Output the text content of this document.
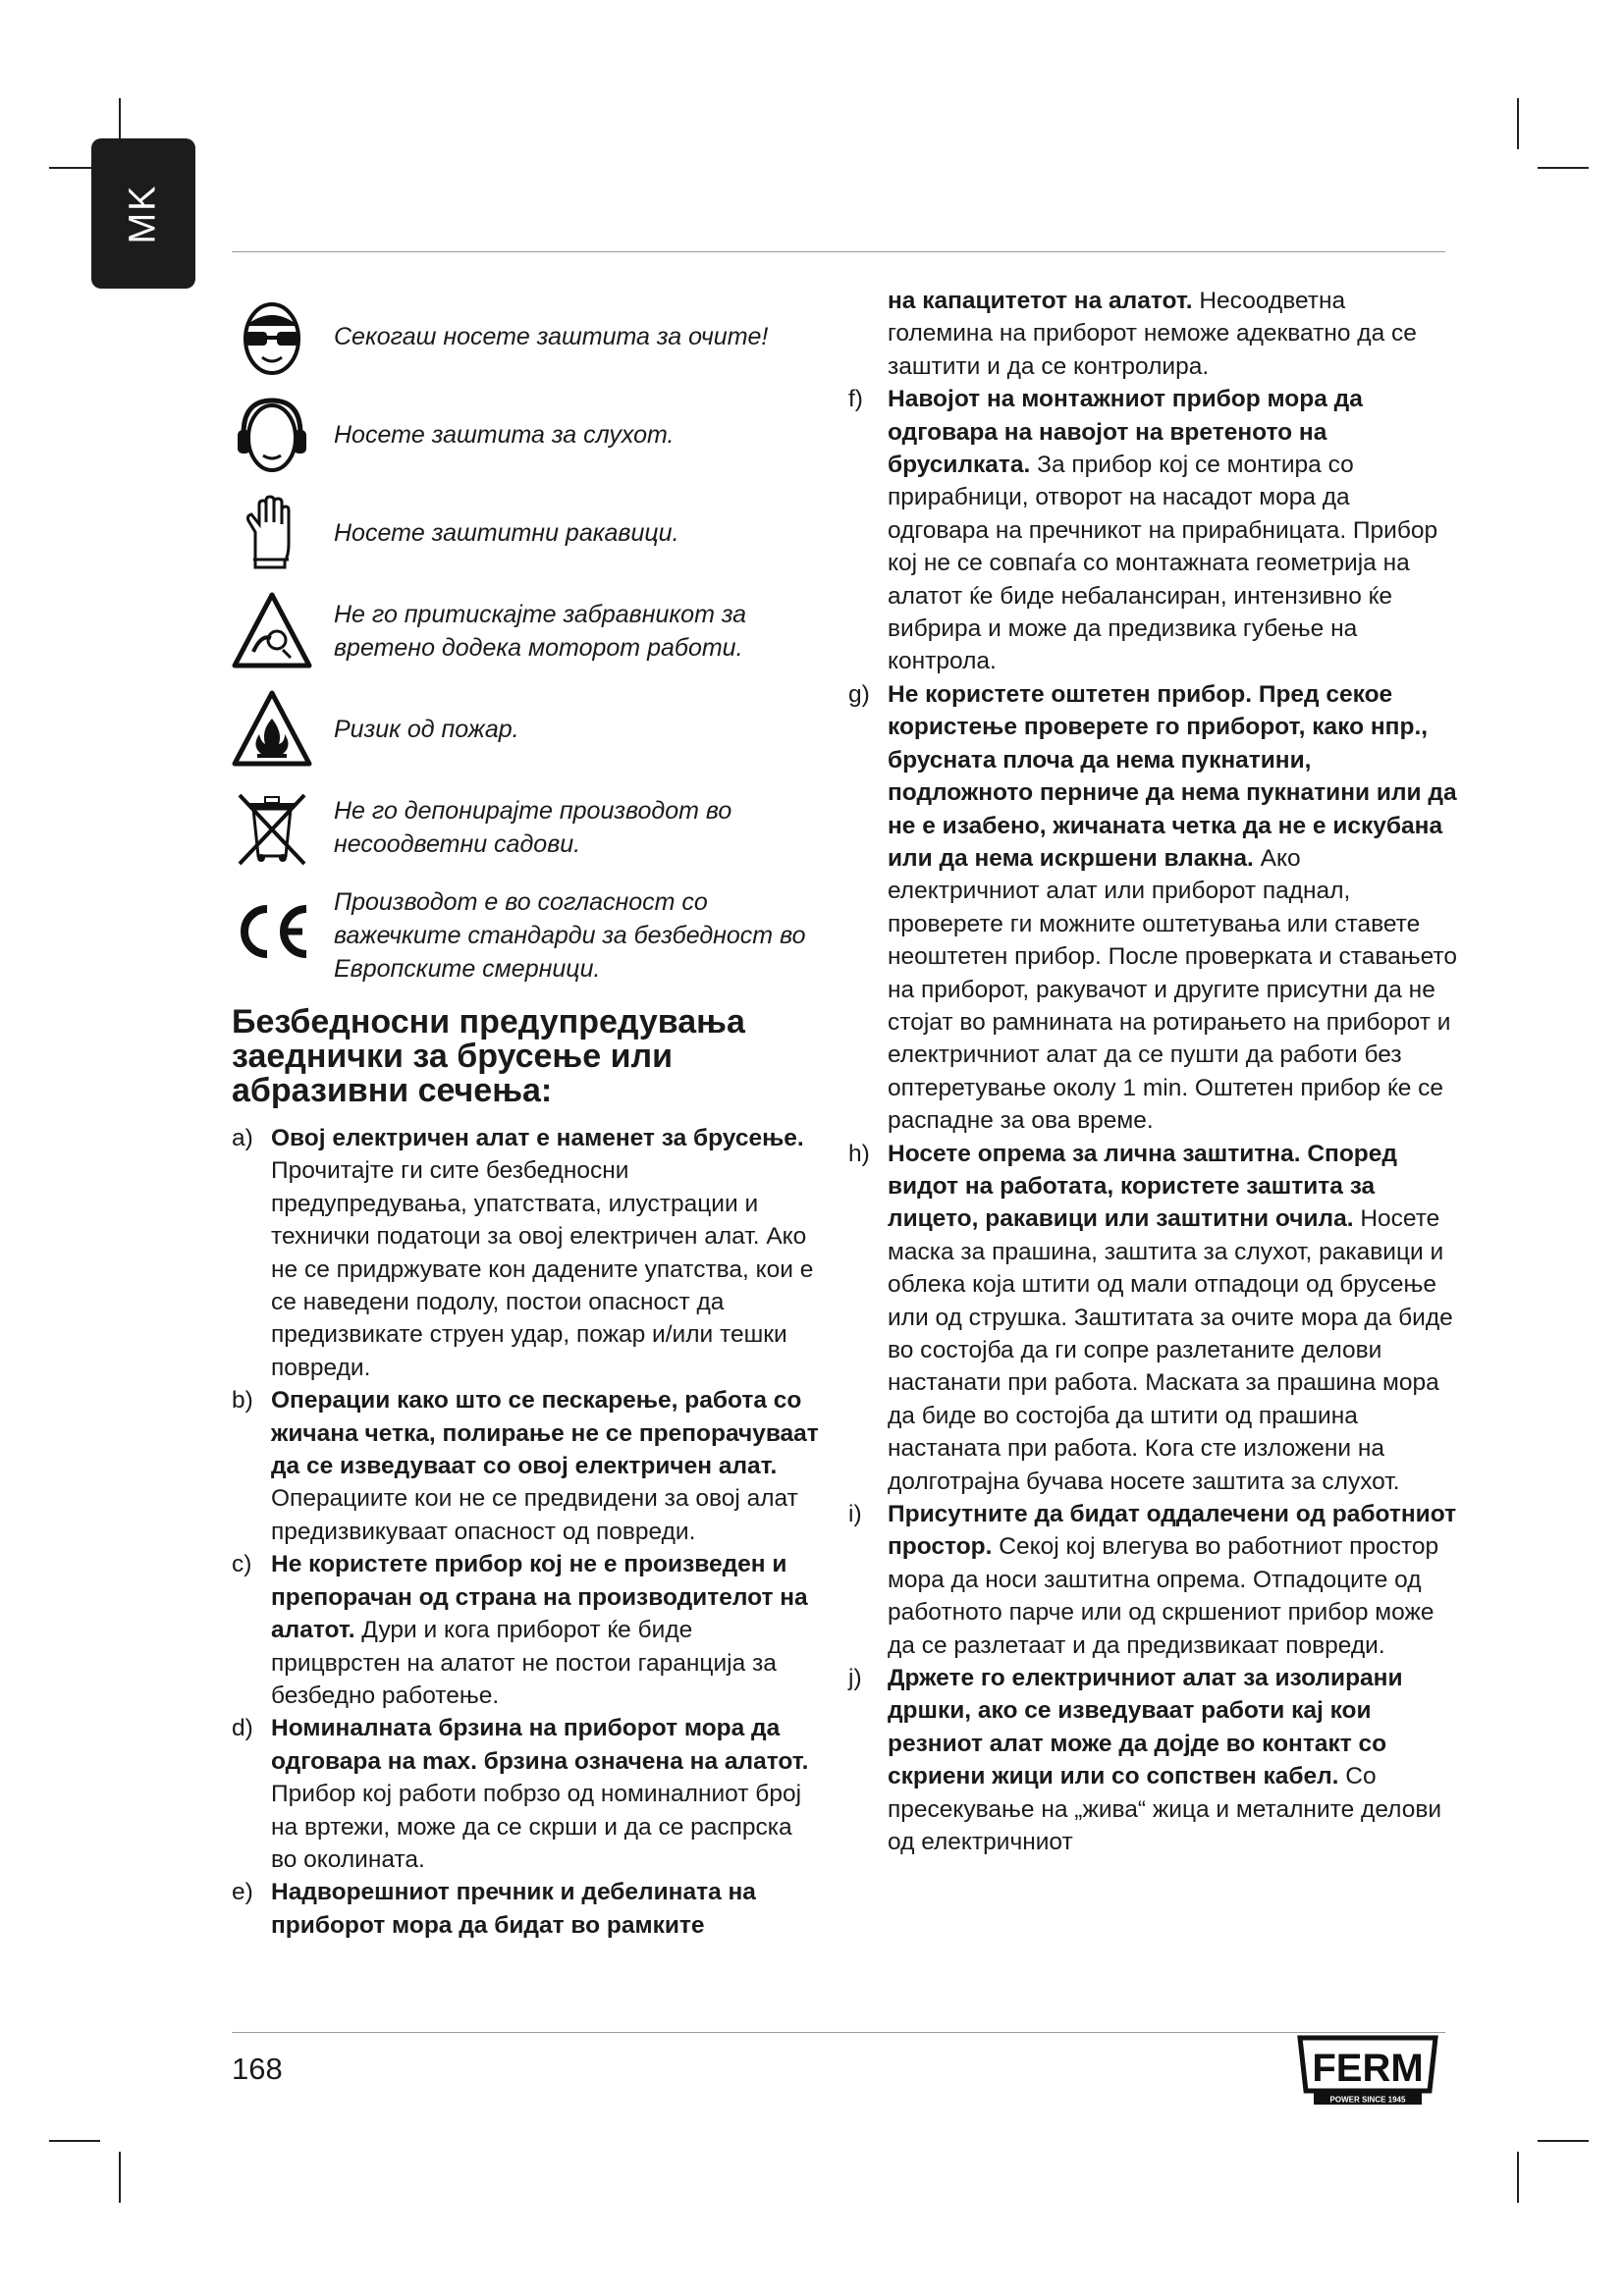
MK
Секогаш носете заштита за очите!
Носете заштита за слухот.
Носете заштитни ракавици.
Не го притискајте забравникот за вретено додека моторот работи.
Ризик од пожар.
Не го депонирајте производот во несоодветни садови.
Производот е во согласност со важечките стандарди за безбедност во Европските смерници.
Безбедносни предупредувања заеднички за брусење или абразивни сечења:
a) Овој електричен алат е наменет за брусење. Прочитајте ги сите безбедносни предупредувања, упатствата, илустрации и технички податоци за овој електричен алат. Ако не се придржувате кон дадените упатства, кои е се наведени подолу, постои опасност да предизвикате струен удар, пожар и/или тешки повреди.
b) Операции како што се пескарење, работа со жичана четка, полирање не се препорачуваат да се изведуваат со овој електричен алат. Операциите кои не се предвидени за овој алат предизвикуваат опасност од повреди.
c) Не користете прибор кој не е произведен и препорачан од страна на производителот на алатот. Дури и кога приборот ќе биде прицврстен на алатот не постои гаранција за безбедно работење.
d) Номиналната брзина на приборот мора да одговара на max. брзина означена на алатот. Прибор кој работи побрзо од номиналниот број на вртежи, може да се скрши и да се распрска во околината.
e) Надворешниот пречник и дебелината на приборот мора да бидат во рамките
на капацитетот на алатот. Несоодветна големина на приборот неможе адекватно да се заштити и да се контролира.
f)	Навојот на монтажниот прибор мора да одговара на навојот на вретеното на брусилката. За прибор кој се монтира со прирабници, отворот на насадот мора да одговара на пречникот на прирабницата. Прибор кој не се совпаѓа со монтажната геометрија на алатот ќе биде небалансиран, интензивно ќе вибрира и може да предизвика губење на контрола.
g) Не користете оштетен прибор. Пред секое користење проверете го приборот, како нпр., брусната плоча да нема пукнатини, подложното перниче да нема пукнатини или да не е изабено, жичаната четка да не е искубана или да нема искршени влакна. Ако електричниот алат или приборот паднал, проверете ги можните оштетувања или ставете неоштетен прибор. После проверката и ставањето на приборот, ракувачот и другите присутни да не стојат во рамнината на ротирањето на приборот и електричниот алат да се пушти да работи без оптеретување околу 1 min. Оштетен прибор ќе се распадне за ова време.
h) Носете опрема за лична заштитна. Според видот на работата, користете заштита за лицето, ракавици или заштитни очила. Носете маска за прашина, заштита за слухот, ракавици и облека која штити од мали отпадоци од брусење или од струшка. Заштитата за очите мора да биде во состојба да ги сопре разлетаните делови настанати при работа. Маската за прашина мора да биде во состојба да штити од прашина настаната при работа. Кога сте изложени на долготрајна бучава носете заштита за слухот.
i)	Присутните да бидат оддалечени од работниот простор. Секој кој влегува во работниот простор мора да носи заштитна опрема. Отпадоците од работното парче или од скршениот прибор може да се разлетаат и да предизвикаат повреди.
j)	Држете го електричниот алат за изолирани дршки, ако се изведуваат работи кај кои резниот алат може да дојде во контакт со скриени жици или со сопствен кабел. Со пресекување на „жива“ жица и металните делови од електричниот
168	FERM
POWER SINCE 1945
